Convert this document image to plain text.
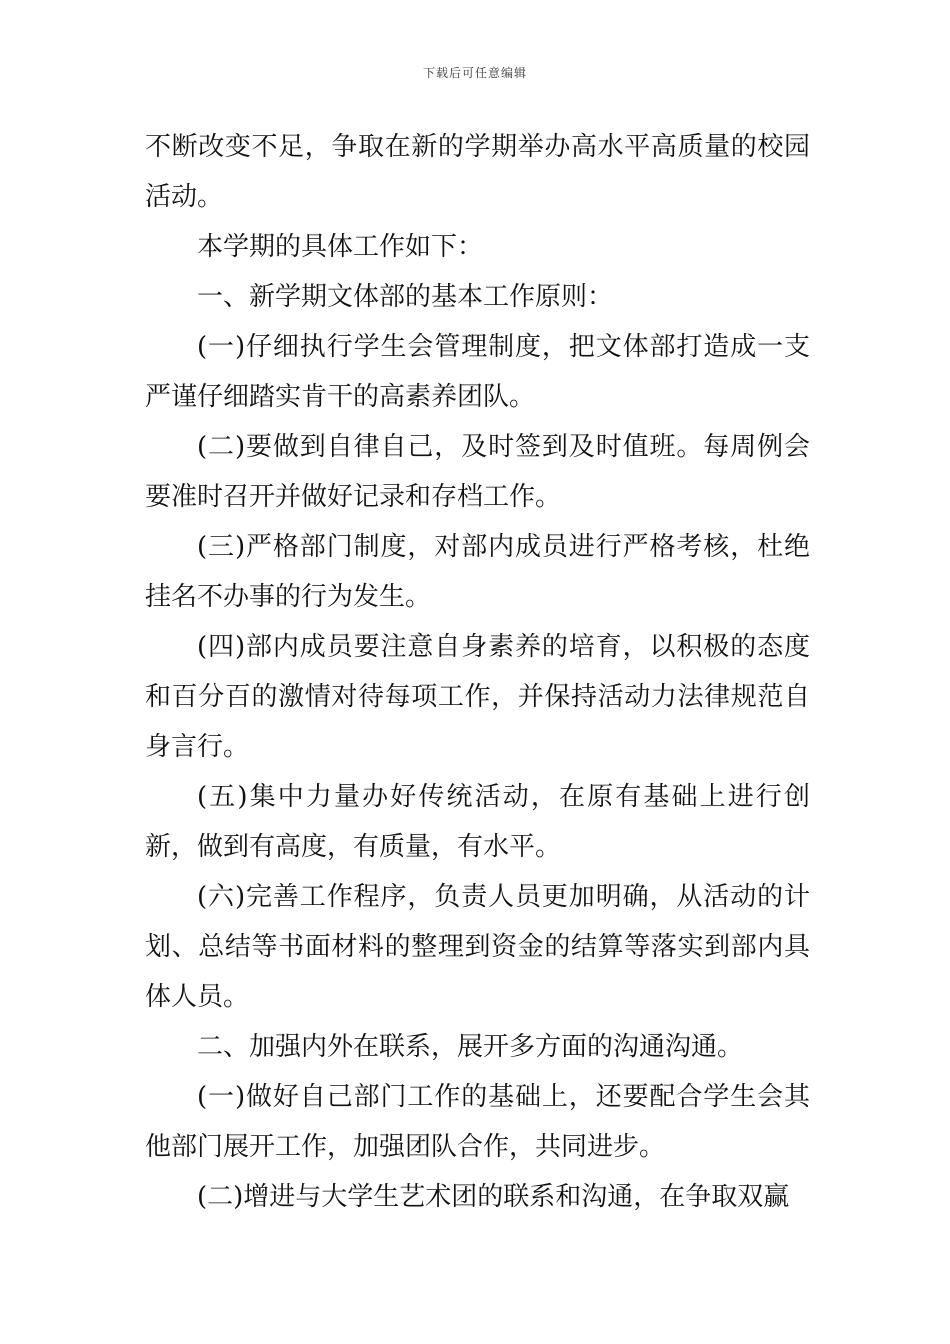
下载后可任意编辑

不断改变不足，争取在新的学期举办高水平高质量的校园活动。

本学期的具体工作如下：

一、新学期文体部的基本工作原则：

(一)仔细执行学生会管理制度，把文体部打造成一支严谨仔细踏实肯干的高素养团队。

(二)要做到自律自己，及时签到及时值班。每周例会要准时召开并做好记录和存档工作。

(三)严格部门制度，对部内成员进行严格考核，杜绝挂名不办事的行为发生。

(四)部内成员要注意自身素养的培育，以积极的态度和百分百的激情对待每项工作，并保持活动力法律规范自身言行。

(五)集中力量办好传统活动，在原有基础上进行创新，做到有高度，有质量，有水平。

(六)完善工作程序，负责人员更加明确，从活动的计划、总结等书面材料的整理到资金的结算等落实到部内具体人员。

二、加强内外在联系，展开多方面的沟通沟通。

(一)做好自己部门工作的基础上，还要配合学生会其他部门展开工作，加强团队合作，共同进步。

(二)增进与大学生艺术团的联系和沟通，在争取双赢
